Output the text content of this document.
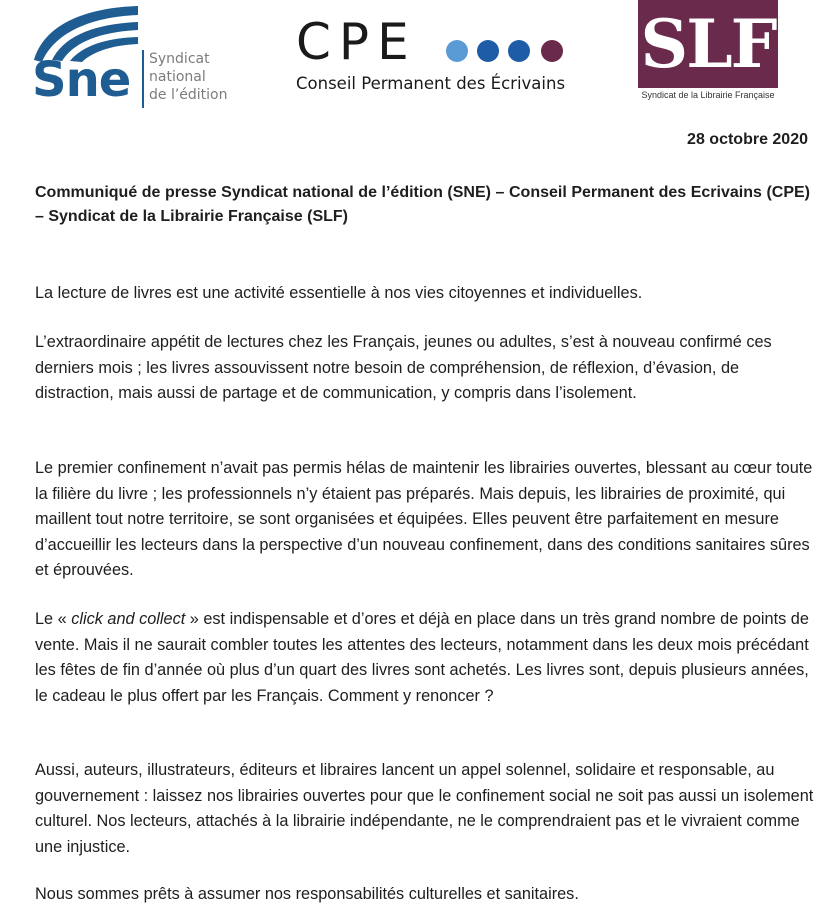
Sne Syndicat
national
de l’édition
CPE
Conseil Permanent des Écrivains
SLF
Syndicat de la Librairie Française
28 octobre 2020
Communiqué de presse Syndicat national de l’édition (SNE) – Conseil Permanent des Ecrivains (CPE) – Syndicat de la Librairie Française (SLF)

La lecture de livres est une activité essentielle à nos vies citoyennes et individuelles.

L’extraordinaire appétit de lectures chez les Français, jeunes ou adultes, s’est à nouveau confirmé ces derniers mois ; les livres assouvissent notre besoin de compréhension, de réflexion, d’évasion, de distraction, mais aussi de partage et de communication, y compris dans l’isolement.

Le premier confinement n’avait pas permis hélas de maintenir les librairies ouvertes, blessant au cœur toute la filière du livre ; les professionnels n’y étaient pas préparés. Mais depuis, les librairies de proximité, qui maillent tout notre territoire, se sont organisées et équipées. Elles peuvent être parfaitement en mesure d’accueillir les lecteurs dans la perspective d’un nouveau confinement, dans des conditions sanitaires sûres et éprouvées.

Le « click and collect » est indispensable et d’ores et déjà en place dans un très grand nombre de points de vente. Mais il ne saurait combler toutes les attentes des lecteurs, notamment dans les deux mois précédant les fêtes de fin d’année où plus d’un quart des livres sont achetés. Les livres sont, depuis plusieurs années, le cadeau le plus offert par les Français. Comment y renoncer ?

Aussi, auteurs, illustrateurs, éditeurs et libraires lancent un appel solennel, solidaire et responsable, au gouvernement : laissez nos librairies ouvertes pour que le confinement social ne soit pas aussi un isolement culturel. Nos lecteurs, attachés à la librairie indépendante, ne le comprendraient pas et le vivraient comme une injustice.

Nous sommes prêts à assumer nos responsabilités culturelles et sanitaires.
